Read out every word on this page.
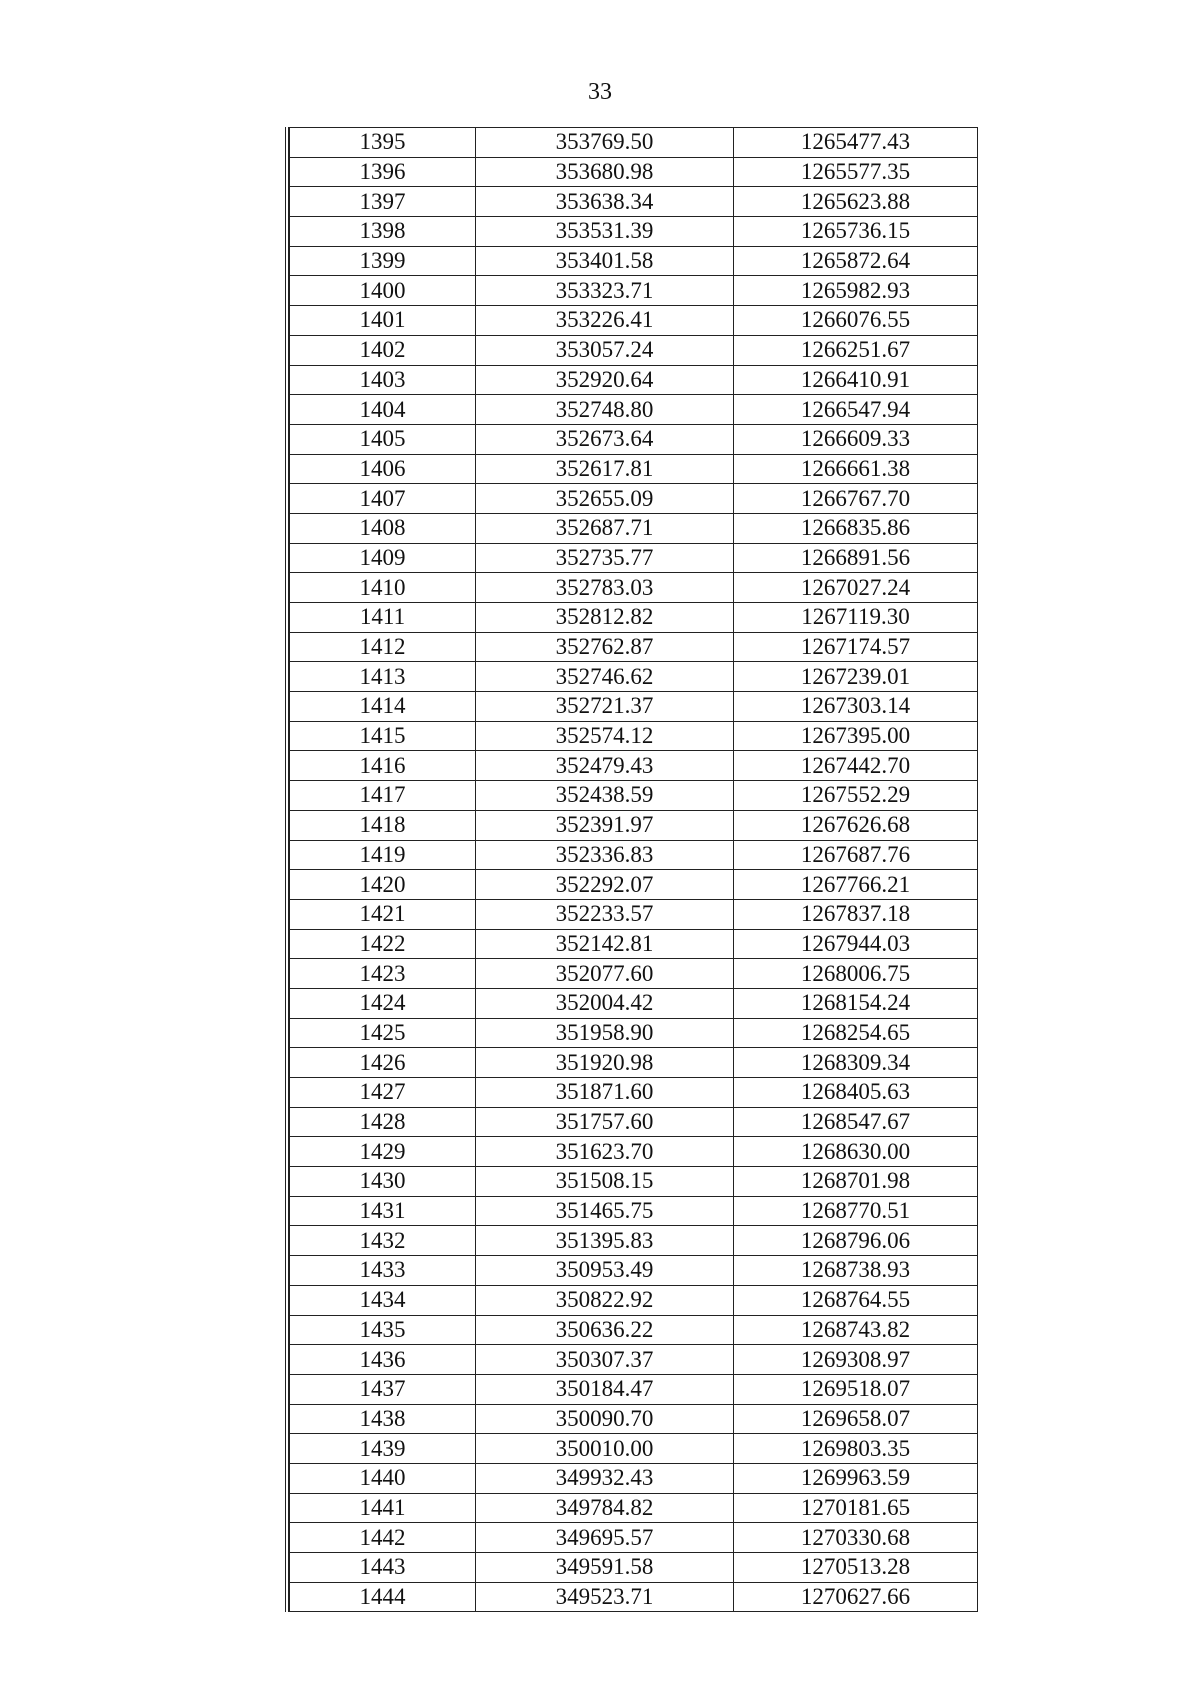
33
1395	353769.50	1265477.43
1396	353680.98	1265577.35
1397	353638.34	1265623.88
1398	353531.39	1265736.15
1399	353401.58	1265872.64
1400	353323.71	1265982.93
1401	353226.41	1266076.55
1402	353057.24	1266251.67
1403	352920.64	1266410.91
1404	352748.80	1266547.94
1405	352673.64	1266609.33
1406	352617.81	1266661.38
1407	352655.09	1266767.70
1408	352687.71	1266835.86
1409	352735.77	1266891.56
1410	352783.03	1267027.24
1411	352812.82	1267119.30
1412	352762.87	1267174.57
1413	352746.62	1267239.01
1414	352721.37	1267303.14
1415	352574.12	1267395.00
1416	352479.43	1267442.70
1417	352438.59	1267552.29
1418	352391.97	1267626.68
1419	352336.83	1267687.76
1420	352292.07	1267766.21
1421	352233.57	1267837.18
1422	352142.81	1267944.03
1423	352077.60	1268006.75
1424	352004.42	1268154.24
1425	351958.90	1268254.65
1426	351920.98	1268309.34
1427	351871.60	1268405.63
1428	351757.60	1268547.67
1429	351623.70	1268630.00
1430	351508.15	1268701.98
1431	351465.75	1268770.51
1432	351395.83	1268796.06
1433	350953.49	1268738.93
1434	350822.92	1268764.55
1435	350636.22	1268743.82
1436	350307.37	1269308.97
1437	350184.47	1269518.07
1438	350090.70	1269658.07
1439	350010.00	1269803.35
1440	349932.43	1269963.59
1441	349784.82	1270181.65
1442	349695.57	1270330.68
1443	349591.58	1270513.28
1444	349523.71	1270627.66
